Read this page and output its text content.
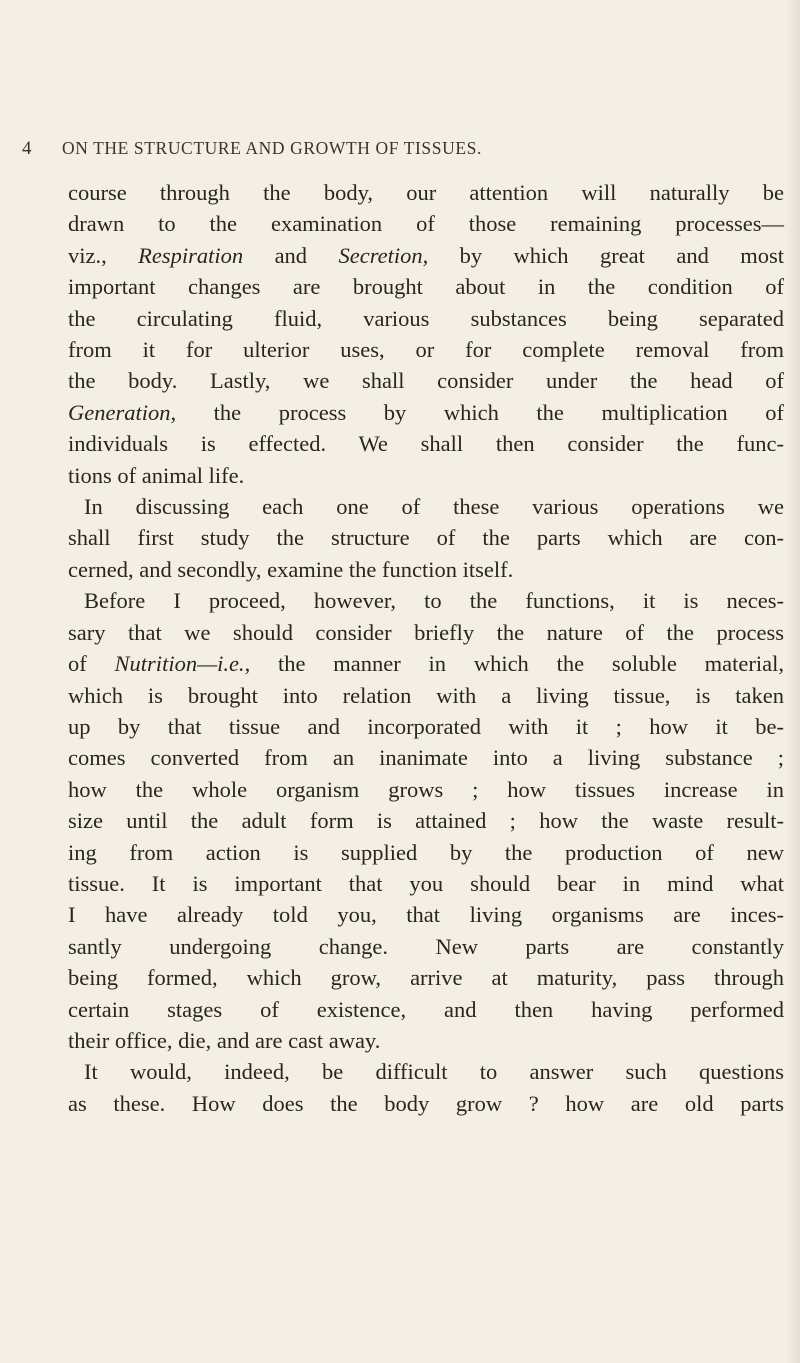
4 ON THE STRUCTURE AND GROWTH OF TISSUES.
course through the body, our attention will naturally be
drawn to the examination of those remaining processes—
viz., Respiration and Secretion, by which great and most
important changes are brought about in the condition of
the circulating fluid, various substances being separated
from it for ulterior uses, or for complete removal from
the body. Lastly, we shall consider under the head of
Generation, the process by which the multiplication of
individuals is effected. We shall then consider the func-
tions of animal life.
In discussing each one of these various operations we
shall first study the structure of the parts which are con-
cerned, and secondly, examine the function itself.
Before I proceed, however, to the functions, it is neces-
sary that we should consider briefly the nature of the process
of Nutrition—i.e., the manner in which the soluble material,
which is brought into relation with a living tissue, is taken
up by that tissue and incorporated with it ; how it be-
comes converted from an inanimate into a living substance ;
how the whole organism grows ; how tissues increase in
size until the adult form is attained ; how the waste result-
ing from action is supplied by the production of new
tissue. It is important that you should bear in mind what
I have already told you, that living organisms are inces-
santly undergoing change. New parts are constantly
being formed, which grow, arrive at maturity, pass through
certain stages of existence, and then having performed
their office, die, and are cast away.
It would, indeed, be difficult to answer such questions
as these. How does the body grow ? how are old parts
